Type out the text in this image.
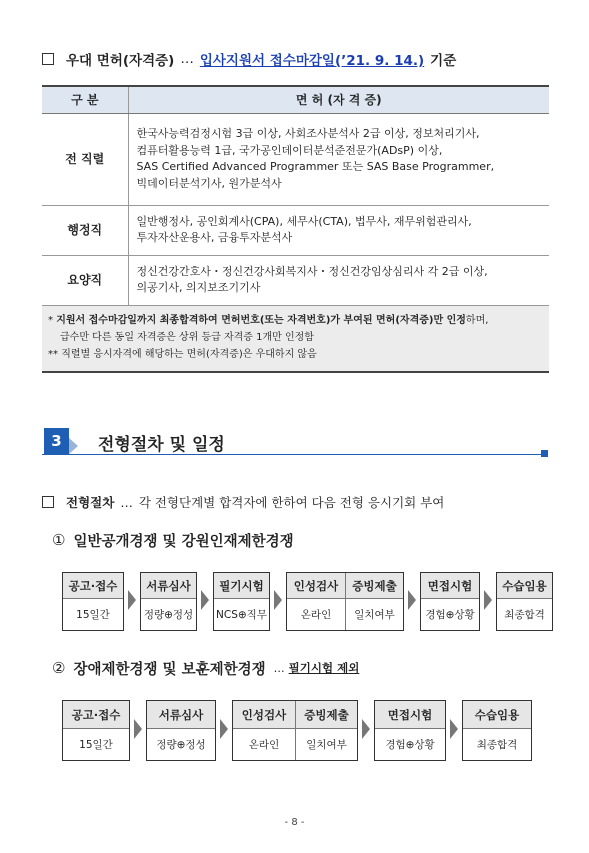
우대 면허(자격증) … 입사지원서 접수마감일(’21. 9. 14.) 기준
구 분	면 허 (자 격 증)
전 직렬	한국사능력검정시험 3급 이상, 사회조사분석사 2급 이상, 정보처리기사,
컴퓨터활용능력 1급, 국가공인데이터분석준전문가(ADsP) 이상,
SAS Certified Advanced Programmer 또는 SAS Base Programmer,
빅데이터분석기사, 원가분석사

행정직	일반행정사, 공인회계사(CPA), 세무사(CTA), 법무사, 재무위험관리사,
투자자산운용사, 금융투자분석사

요양직	정신건강간호사・정신건강사회복지사・정신건강임상심리사 각 2급 이상,
의공기사, 의지보조기기사

* 지원서 접수마감일까지 최종합격하여 면허번호(또는 자격번호)가 부여된 면허(자격증)만 인정하며,

급수만 다른 동일 자격증은 상위 등급 자격증 1개만 인정함

** 직렬별 응시자격에 해당하는 면허(자격증)은 우대하지 않음	

3	전형절차 및 일정
전형절차 … 각 전형단계별 합격자에 한하여 다음 전형 응시기회 부여
① 일반공개경쟁 및 강원인재제한경쟁
공고·접수
15일간
서류심사
정량⊕정성
필기시험
NCS⊕직무
인성검사
온라인
증빙제출
일치여부
면접시험
경험⊕상황
수습임용
최종합격
② 장애제한경쟁 및 보훈제한경쟁 … 필기시험 제외
공고·접수
15일간
서류심사
정량⊕정성
인성검사
온라인
증빙제출
일치여부
면접시험
경험⊕상황
수습임용
최종합격
- 8 -
